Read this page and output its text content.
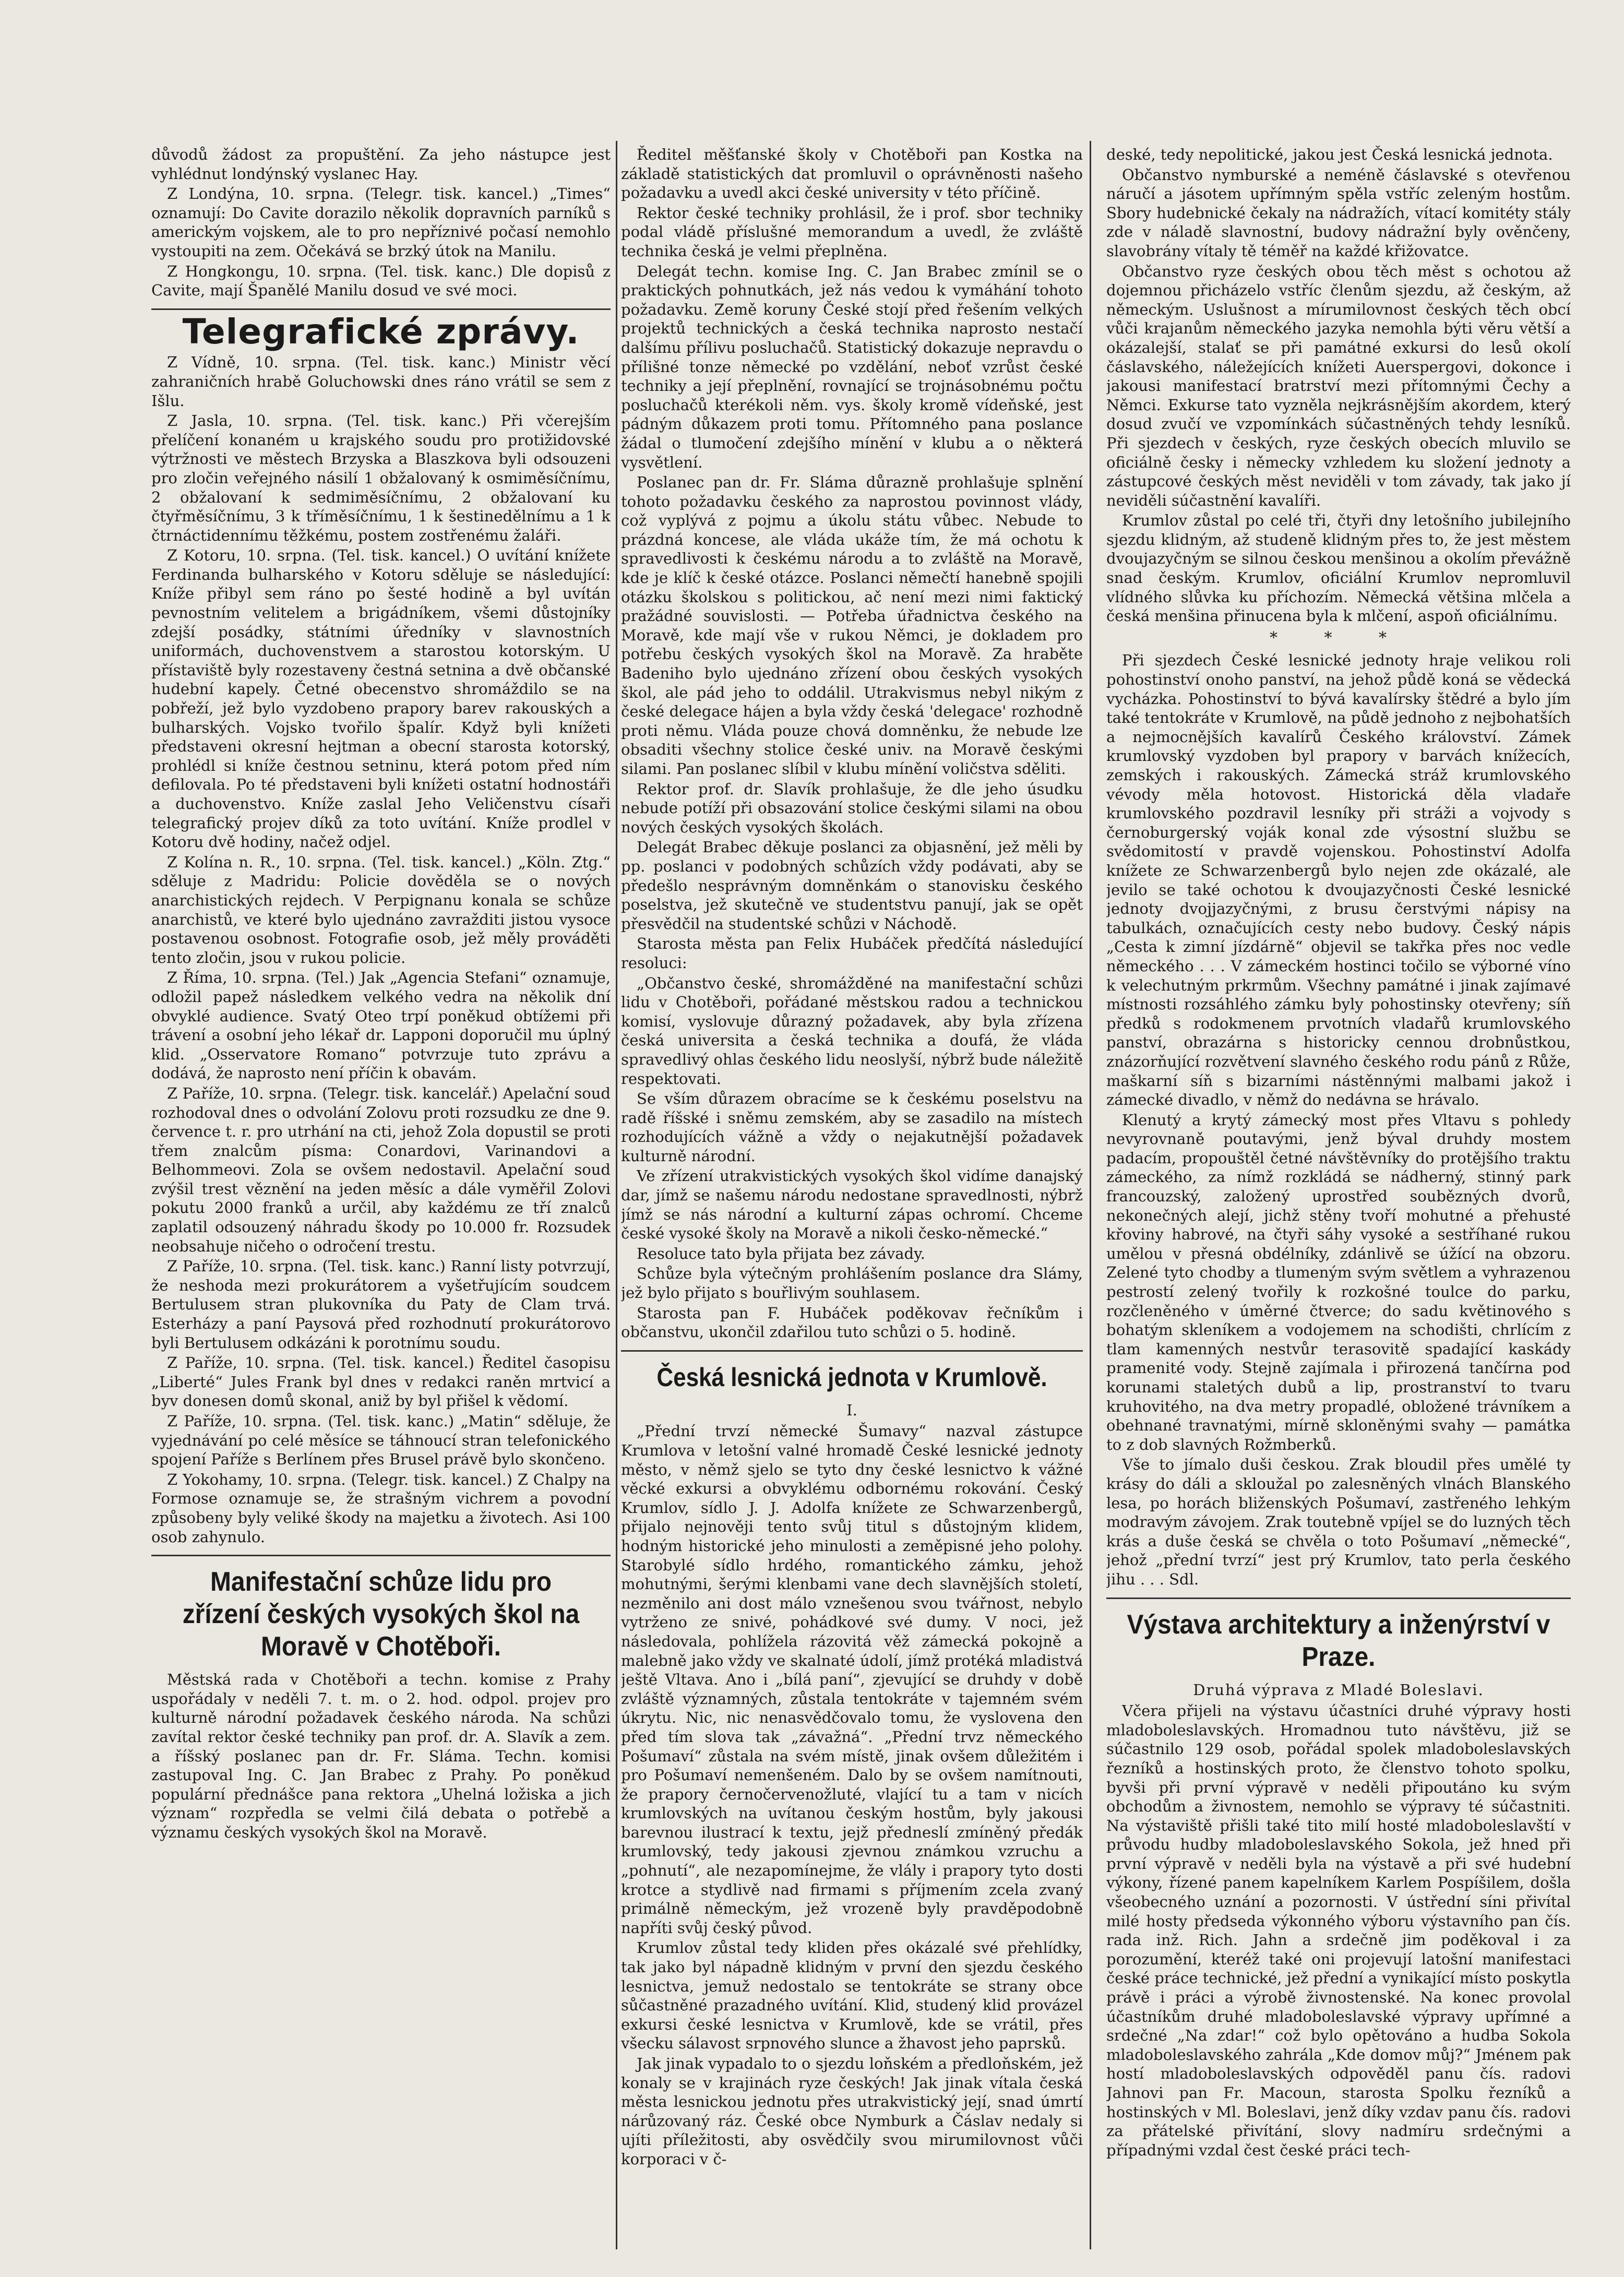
důvodů žádost za propuštění. Za jeho nástupce jest vyhlédnut londýnský vyslanec Hay.

Z Londýna, 10. srpna. (Telegr. tisk. kancel.) „Times“ oznamují: Do Cavite dorazilo několik dopravních parníků s americkým vojskem, ale to pro nepříznivé počasí nemohlo vystoupiti na zem. Očekává se brzký útok na Manilu.

Z Hongkongu, 10. srpna. (Tel. tisk. kanc.) Dle dopisů z Cavite, mají Španělé Manilu dosud ve své moci.

Telegrafické zprávy.

Z Vídně, 10. srpna. (Tel. tisk. kanc.) Ministr věcí zahraničních hrabě Goluchowski dnes ráno vrátil se sem z Išlu.

Z Jasla, 10. srpna. (Tel. tisk. kanc.) Při včerejším přelíčení konaném u krajského soudu pro protižidovské výtržnosti ve městech Brzyska a Blaszkova byli odsouzeni pro zločin veřejného násilí 1 obžalovaný k osmiměsíčnímu, 2 obžalovaní k sedmiměsíčnímu, 2 obžalovaní ku čtyřměsíčnímu, 3 k tříměsíčnímu, 1 k šestinedělnímu a 1 k čtrnáctidennímu těžkému, postem zostřenému žaláři.

Z Kotoru, 10. srpna. (Tel. tisk. kancel.) O uvítání knížete Ferdinanda bulharského v Kotoru sděluje se následující: Kníže přibyl sem ráno po šesté hodině a byl uvítán pevnostním velitelem a brigádníkem, všemi důstojníky zdejší posádky, státními úředníky v slavnostních uniformách, duchovenstvem a starostou kotorským. U přístaviště byly rozestaveny čestná setnina a dvě občanské hudební kapely. Četné obecenstvo shromáždilo se na pobřeží, jež bylo vyzdobeno prapory barev rakouských a bulharských. Vojsko tvořilo špalír. Když byli knížeti představeni okresní hejtman a obecní starosta kotorský, prohlédl si kníže čestnou setninu, která potom před ním defilovala. Po té představeni byli knížeti ostatní hodnostáři a duchovenstvo. Kníže zaslal Jeho Veličenstvu císaři telegrafický projev díků za toto uvítání. Kníže prodlel v Kotoru dvě hodiny, načež odjel.

Z Kolína n. R., 10. srpna. (Tel. tisk. kancel.) „Köln. Ztg.“ sděluje z Madridu: Policie dověděla se o nových anarchistických rejdech. V Perpignanu konala se schůze anarchistů, ve které bylo ujednáno zavražditi jistou vysoce postavenou osobnost. Fotografie osob, jež měly prováděti tento zločin, jsou v rukou policie.

Z Říma, 10. srpna. (Tel.) Jak „Agencia Stefani“ oznamuje, odložil papež následkem velkého vedra na několik dní obvyklé audience. Svatý Oteo trpí poněkud obtížemi při trávení a osobní jeho lékař dr. Lapponi doporučil mu úplný klid. „Osservatore Romano“ potvrzuje tuto zprávu a dodává, že naprosto není příčin k obavám.

Z Paříže, 10. srpna. (Telegr. tisk. kancelář.) Apelační soud rozhodoval dnes o odvolání Zolovu proti rozsudku ze dne 9. července t. r. pro utrhání na cti, jehož Zola dopustil se proti třem znalcům písma: Conardovi, Varinandovi a Belhommeovi. Zola se ovšem nedostavil. Apelační soud zvýšil trest věznění na jeden měsíc a dále vyměřil Zolovi pokutu 2000 franků a určil, aby každému ze tří znalců zaplatil odsouzený náhradu škody po 10.000 fr. Rozsudek neobsahuje ničeho o odročení trestu.

Z Paříže, 10. srpna. (Tel. tisk. kanc.) Ranní listy potvrzují, že neshoda mezi prokurátorem a vyšetřujícím soudcem Bertulusem stran plukovníka du Paty de Clam trvá. Esterházy a paní Paysová před rozhodnutí prokurátorovo byli Bertulusem odkázáni k porotnímu soudu.

Z Paříže, 10. srpna. (Tel. tisk. kancel.) Ředitel časopisu „Liberté“ Jules Frank byl dnes v redakci raněn mrtvicí a byv donesen domů skonal, aniž by byl přišel k vědomí.

Z Paříže, 10. srpna. (Tel. tisk. kanc.) „Matin“ sděluje, že vyjednávání po celé měsíce se táhnoucí stran telefonického spojení Paříže s Berlínem přes Brusel právě bylo skončeno.

Z Yokohamy, 10. srpna. (Telegr. tisk. kancel.) Z Chalpy na Formose oznamuje se, že strašným vichrem a povodní způsobeny byly veliké škody na majetku a životech. Asi 100 osob zahynulo.

Manifestační schůze lidu pro zřízení českých vysokých škol na Moravě v Chotěboři.

Městská rada v Chotěboři a techn. komise z Prahy uspořádaly v neděli 7. t. m. o 2. hod. odpol. projev pro kulturně národní požadavek českého národa. Na schůzi zavítal rektor české techniky pan prof. dr. A. Slavík a zem. a říšský poslanec pan dr. Fr. Sláma. Techn. komisi zastupoval Ing. C. Jan Brabec z Prahy. Po poněkud populární přednášce pana rektora „Uhelná ložiska a jich význam“ rozpředla se velmi čilá debata o potřebě a významu českých vysokých škol na Moravě.

Ředitel měšťanské školy v Chotěboři pan Kostka na základě statistických dat promluvil o oprávněnosti našeho požadavku a uvedl akci české university v této příčině.

Rektor české techniky prohlásil, že i prof. sbor techniky podal vládě příslušné memorandum a uvedl, že zvláště technika česká je velmi přeplněna.

Delegát techn. komise Ing. C. Jan Brabec zmínil se o praktických pohnutkách, jež nás vedou k vymáhání tohoto požadavku. Země koruny České stojí před řešením velkých projektů technických a česká technika naprosto nestačí dalšímu přílivu posluchačů. Statistický dokazuje nepravdu o přílišné tonze německé po vzdělání, neboť vzrůst české techniky a její přeplnění, rovnající se trojnásobnému počtu posluchačů kterékoli něm. vys. školy kromě vídeňské, jest pádným důkazem proti tomu. Přítomného pana poslance žádal o tlumočení zdejšího mínění v klubu a o některá vysvětlení.

Poslanec pan dr. Fr. Sláma důrazně prohlašuje splnění tohoto požadavku českého za naprostou povinnost vlády, což vyplývá z pojmu a úkolu státu vůbec. Nebude to prázdná koncese, ale vláda ukáže tím, že má ochotu k spravedlivosti k českému národu a to zvláště na Moravě, kde je klíč k české otázce. Poslanci němečtí hanebně spojili otázku školskou s politickou, ač není mezi nimi faktický pražádné souvislosti. — Potřeba úřadnictva českého na Moravě, kde mají vše v rukou Němci, je dokladem pro potřebu českých vysokých škol na Moravě. Za hraběte Badeniho bylo ujednáno zřízení obou českých vysokých škol, ale pád jeho to oddálil. Utrakvismus nebyl nikým z české delegace hájen a byla vždy česká 'delegace' rozhodně proti němu. Vláda pouze chová domněnku, že nebude lze obsaditi všechny stolice české univ. na Moravě českými silami. Pan poslanec slíbil v klubu mínění voličstva sděliti.

Rektor prof. dr. Slavík prohlašuje, že dle jeho úsudku nebude potíží při obsazování stolice českými silami na obou nových českých vysokých školách.

Delegát Brabec děkuje poslanci za objasnění, jež měli by pp. poslanci v podobných schůzích vždy podávati, aby se předešlo nesprávným domněnkám o stanovisku českého poselstva, jež skutečně ve studentstvu panují, jak se opět přesvědčil na studentské schůzi v Náchodě.

Starosta města pan Felix Hubáček předčítá následující resoluci:

„Občanstvo české, shromážděné na manifestační schůzi lidu v Chotěboři, pořádané městskou radou a technickou komisí, vyslovuje důrazný požadavek, aby byla zřízena česká universita a česká technika a doufá, že vláda spravedlivý ohlas českého lidu neoslyší, nýbrž bude náležitě respektovati.

Se vším důrazem obracíme se k českému poselstvu na radě říšské i sněmu zemském, aby se zasadilo na místech rozhodujících vážně a vždy o nejakutnější požadavek kulturně národní.

Ve zřízení utrakvistických vysokých škol vidíme danajský dar, jímž se našemu národu nedostane spravedlnosti, nýbrž jímž se nás národní a kulturní zápas ochromí. Chceme české vysoké školy na Moravě a nikoli česko-německé.“

Resoluce tato byla přijata bez závady.

Schůze byla výtečným prohlášením poslance dra Slámy, jež bylo přijato s bouřlivým souhlasem.

Starosta pan F. Hubáček poděkovav řečníkům i občanstvu, ukončil zdařilou tuto schůzi o 5. hodině.

Česká lesnická jednota v Krumlově.
I.

„Přední trvzí německé Šumavy“ nazval zástupce Krumlova v letošní valné hromadě České lesnické jednoty město, v němž sjelo se tyto dny české lesnictvo k vážné věcké exkursi a obvyklému odbornému rokování. Český Krumlov, sídlo J. J. Adolfa knížete ze Schwarzenbergů, přijalo nejnověji tento svůj titul s důstojným klidem, hodným historické jeho minulosti a zeměpisné jeho polohy. Starobylé sídlo hrdého, romantického zámku, jehož mohutnými, šerými klenbami vane dech slavnějších století, nezměnilo ani dost málo vznešenou svou tvářnost, nebylo vytrženo ze snivé, pohádkové své dumy. V noci, jež následovala, pohlížela rázovitá věž zámecká pokojně a malebně jako vždy ve skalnaté údolí, jímž protéká mladistvá ještě Vltava. Ano i „bílá paní“, zjevující se druhdy v době zvláště významných, zůstala tentokráte v tajemném svém úkrytu. Nic, nic nenasvědčovalo tomu, že vyslovena den před tím slova tak „závažná“. „Přední trvz německého Pošumaví“ zůstala na svém místě, jinak ovšem důležitém i pro Pošumaví nemenšeném. Dalo by se ovšem namítnouti, že prapory černočervenožluté, vlající tu a tam v nicích krumlovských na uvítanou českým hostům, byly jakousi barevnou ilustrací k textu, jejž předneslí zmíněný předák krumlovský, tedy jakousi zjevnou známkou vzruchu a „pohnutí“, ale nezapomínejme, že vlály i prapory tyto dosti krotce a stydlivě nad firmami s příjmením zcela zvaný primálně německým, jež vrozeně byly pravděpodobně napříti svůj český původ.

Krumlov zůstal tedy kliden přes okázalé své přehlídky, tak jako byl nápadně klidným v první den sjezdu českého lesnictva, jemuž nedostalo se tentokráte se strany obce sůčastněné prazadného uvítání. Klid, studený klid provázel exkursi české lesnictva v Krumlově, kde se vrátil, přes všecku sálavost srpnového slunce a žhavost jeho paprsků.

Jak jinak vypadalo to o sjezdu loňském a předloňském, jež konaly se v krajinách ryze českých! Jak jinak vítala česká města lesnickou jednotu přes utrakvistický její, snad úmrtí nárůzovaný ráz. České obce Nymburk a Čáslav nedaly si ujíti příležitosti, aby osvědčily svou mirumilovnost vůči korporaci v č-

deské, tedy nepolitické, jakou jest Česká lesnická jednota.

Občanstvo nymburské a neméně čáslavské s otevřenou náručí a jásotem upřímným spěla vstříc zeleným hostům. Sbory hudebnické čekaly na nádražích, vítací komitéty stály zde v náladě slavnostní, budovy nádražní byly ověnčeny, slavobrány vítaly tě téměř na každé křižovatce.

Občanstvo ryze českých obou těch měst s ochotou až dojemnou přicházelo vstříc členům sjezdu, až českým, až německým. Uslušnost a mírumilovnost českých těch obcí vůči krajanům německého jazyka nemohla býti věru větší a okázalejší, stalať se při památné exkursi do lesů okolí čáslavského, náležejících knížeti Auerspergovi, dokonce i jakousi manifestací bratrství mezi přítomnými Čechy a Němci. Exkurse tato vyzněla nejkrásnějším akordem, který dosud zvučí ve vzpomínkách súčastněných tehdy lesníků. Při sjezdech v českých, ryze českých obecích mluvilo se oficiálně česky i německy vzhledem ku složení jednoty a zástupcové českých měst neviděli v tom závady, tak jako jí neviděli súčastnění kavalíři.

Krumlov zůstal po celé tři, čtyři dny letošního jubilejního sjezdu klidným, až studeně klidným přes to, že jest městem dvoujazyčným se silnou českou menšinou a okolím převážně snad českým. Krumlov, oficiální Krumlov nepromluvil vlídného slůvka ku příchozím. Německá většina mlčela a česká menšina přinucena byla k mlčení, aspoň oficiálnímu.

* * *

Při sjezdech České lesnické jednoty hraje velikou roli pohostinství onoho panství, na jehož půdě koná se vědecká vycházka. Pohostinství to bývá kavalírsky štědré a bylo jím také tentokráte v Krumlově, na půdě jednoho z nejbohatších a nejmocnějších kavalírů Českého království. Zámek krumlovský vyzdoben byl prapory v barvách knížecích, zemských i rakouských. Zámecká stráž krumlovského vévody měla hotovost. Historická děla vladaře krumlovského pozdravil lesníky při stráži a vojvody s černoburgerský voják konal zde výsostní službu se svědomitostí v pravdě vojenskou. Pohostinství Adolfa knížete ze Schwarzenbergů bylo nejen zde okázalé, ale jevilo se také ochotou k dvoujazyčnosti České lesnické jednoty dvojjazyčnými, z brusu čerstvými nápisy na tabulkách, označujících cesty nebo budovy. Český nápis „Cesta k zimní jízdárně“ objevil se takřka přes noc vedle německého . . . V zámeckém hostinci točilo se výborné víno k velechutným prkrmům. Všechny památné i jinak zajímavé místnosti rozsáhlého zámku byly pohostinsky otevřeny; síň předků s rodokmenem prvotních vladařů krumlovského panství, obrazárna s historicky cennou drobnůstkou, znázorňující rozvětvení slavného českého rodu pánů z Růže, maškarní síň s bizarními nástěnnými malbami jakož i zámecké divadlo, v němž do nedávna se hrávalo.

Klenutý a krytý zámecký most přes Vltavu s pohledy nevyrovnaně poutavými, jenž býval druhdy mostem padacím, propouštěl četné návštěvníky do protějšího traktu zámeckého, za nímž rozkládá se nádherný, stinný park francouzský, založený uprostřed soubězných dvorů, nekonečných alejí, jichž stěny tvoří mohutné a přehusté křoviny habrové, na čtyři sáhy vysoké a sestříhané rukou umělou v přesná obdélníky, zdánlivě se úžící na obzoru. Zelené tyto chodby a tlumeným svým světlem a vyhrazenou pestrostí zelený tvořily k rozkošné toulce do parku, rozčleněného v úměrné čtverce; do sadu květinového s bohatým skleníkem a vodojemem na schodišti, chrlícím z tlam kamenných nestvůr terasovitě spadající kaskády pramenité vody. Stejně zajímala i přirozená tančírna pod korunami staletých dubů a lip, prostranství to tvaru kruhovitého, na dva metry propadlé, obložené trávníkem a obehnané travnatými, mírně skloněnými svahy — památka to z dob slavných Rožmberků.

Vše to jímalo duši českou. Zrak bloudil přes umělé ty krásy do dáli a skloužal po zalesněných vlnách Blanského lesa, po horách bliženských Pošumaví, zastřeného lehkým modravým závojem. Zrak toutebně vpíjel se do luzných těch krás a duše česká se chvěla o toto Pošumaví „německé“, jehož „přední tvrzí“ jest prý Krumlov, tato perla českého jihu . . . Sdl.

Výstava architektury a inženýrství v Praze.
Druhá výprava z Mladé Boleslavi.

Včera přijeli na výstavu účastníci druhé výpravy hosti mladoboleslavských. Hromadnou tuto návštěvu, již se súčastnilo 129 osob, pořádal spolek mladoboleslavských řezníků a hostinských proto, že členstvo tohoto spolku, byvši při první výpravě v neděli připoutáno ku svým obchodům a živnostem, nemohlo se výpravy té súčastniti. Na výstaviště přišli také tito milí hosté mladoboleslavští v průvodu hudby mladoboleslavského Sokola, jež hned při první výpravě v neděli byla na výstavě a při své hudební výkony, řízené panem kapelníkem Karlem Pospíšilem, došla všeobecného uznání a pozornosti. V ústřední síni přivítal milé hosty předseda výkonného výboru výstavního pan čís. rada inž. Rich. Jahn a srdečně jim poděkoval i za porozumění, kteréž také oni projevují latošní manifestaci české práce technické, jež přední a vynikající místo poskytla právě i práci a výrobě živnostenské. Na konec provolal účastníkům druhé mladoboleslavské výpravy upřímné a srdečné „Na zdar!“ což bylo opětováno a hudba Sokola mladoboleslavského zahrála „Kde domov můj?“ Jménem pak hostí mladoboleslavských odpověděl panu čís. radovi Jahnovi pan Fr. Macoun, starosta Spolku řezníků a hostinských v Ml. Boleslavi, jenž díky vzdav panu čís. radovi za přátelské přivítání, slovy nadmíru srdečnými a případnými vzdal čest české práci tech-
